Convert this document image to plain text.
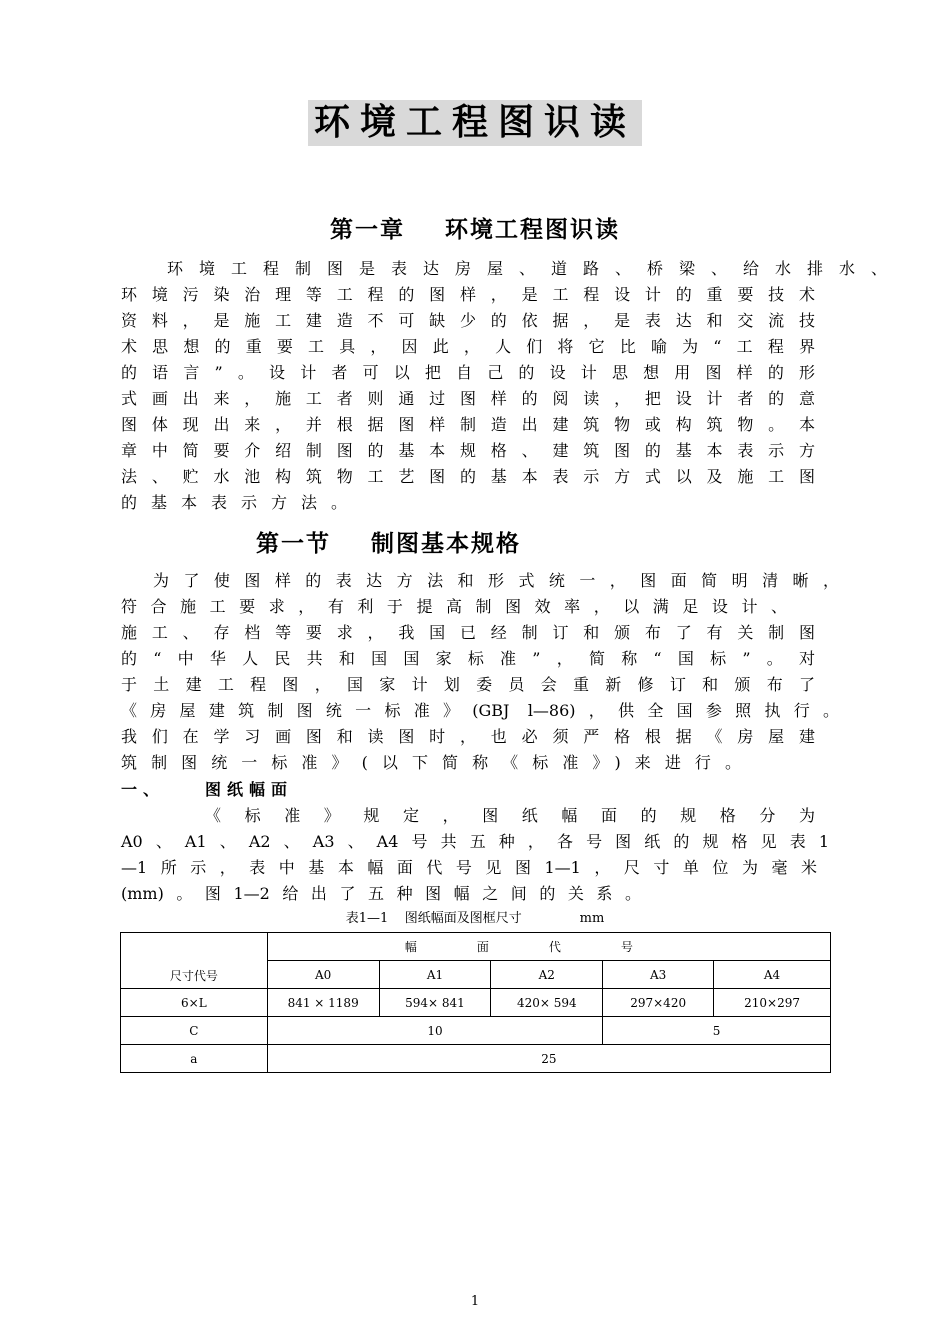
环境工程图识读
第一章    环境工程图识读
环境工程制图是表达房屋、道路、桥梁、给水排水、
环境污染治理等工程的图样，是工程设计的重要技术
资料，是施工建造不可缺少的依据，是表达和交流技
术思想的重要工具，因此，人们将它比喻为“工程界
的语言”。设计者可以把自己的设计思想用图样的形
式画出来，施工者则通过图样的阅读，把设计者的意
图体现出来，并根据图样制造出建筑物或构筑物。本
章中简要介绍制图的基本规格、建筑图的基本表示方
法、贮水池构筑物工艺图的基本表示方式以及施工图
的基本表示方法。
第一节    制图基本规格
为了使图样的表达方法和形式统一，图面简明清晰，
符合施工要求，有利于提高制图效率，以满足设计、
施工、存档等要求，我国已经制订和颁布了有关制图
的“中华人民共和国国家标准”，简称“国标”。对
于土建工程图，国家计划委员会重新修订和颁布了
《房屋建筑制图统一标准》(GBJ l—86)，供全国参照执行。
我们在学习画图和读图时，也必须严格根据《房屋建
筑制图统一标准》(以下简称《标准》)来进行。
一、	图纸幅面
《标准》规定，图纸幅面的规格分为
A0、A1、A2、A3、A4号共五种，各号图纸的规格见表1
—1所示，表中基本幅面代号见图1—1，尺寸单位为毫米
(mm)。图1—2给出了五种图幅之间的关系。
表1—1    图纸幅面及图框尺寸	mm
尺寸代号	幅面代号				
	A0	A1	A2	A3	A4
6×L	841 × 1189	594× 841	420× 594	297×420	210×297
C	10			5	
a	25				
1
